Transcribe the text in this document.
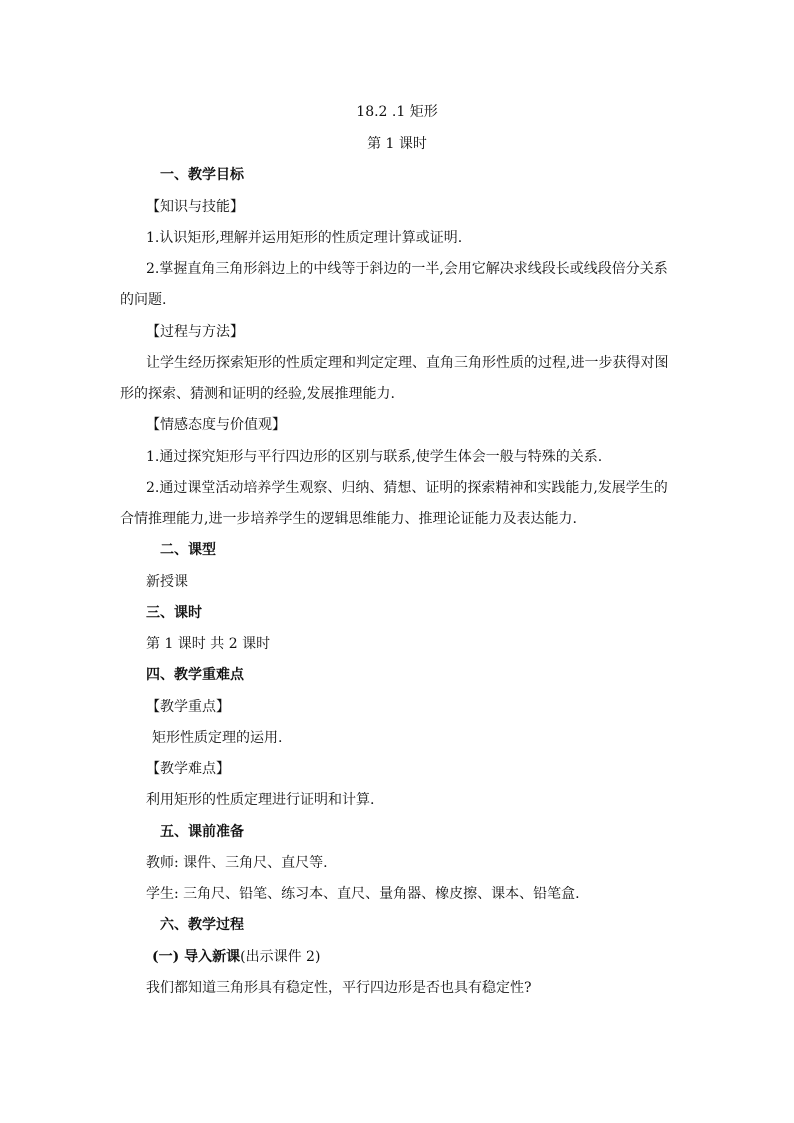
18.2 .1 矩形
第 1 课时
一、教学目标
【知识与技能】
1.认识矩形,理解并运用矩形的性质定理计算或证明.
2.掌握直角三角形斜边上的中线等于斜边的一半,会用它解决求线段长或线段倍分关系
的问题.
【过程与方法】
让学生经历探索矩形的性质定理和判定定理、直角三角形性质的过程,进一步获得对图
形的探索、猜测和证明的经验,发展推理能力.
【情感态度与价值观】
1.通过探究矩形与平行四边形的区别与联系,使学生体会一般与特殊的关系.
2.通过课堂活动培养学生观察、归纳、猜想、证明的探索精神和实践能力,发展学生的
合情推理能力,进一步培养学生的逻辑思维能力、推理论证能力及表达能力.
二、课型
新授课
三、课时
第 1 课时 共 2 课时
四、教学重难点
【教学重点】
矩形性质定理的运用.
【教学难点】
利用矩形的性质定理进行证明和计算.
五、课前准备
教师: 课件、三角尺、直尺等.
学生: 三角尺、铅笔、练习本、直尺、量角器、橡皮擦、课本、铅笔盒.
六、教学过程
(一) 导入新课(出示课件 2)
我们都知道三角形具有稳定性，平行四边形是否也具有稳定性?
